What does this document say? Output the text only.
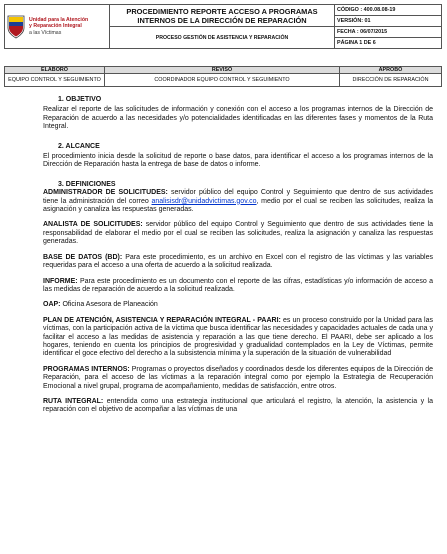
Unidad para la Atención
y Reparación Integral
a las Víctimas	PROCEDIMIENTO REPORTE ACCESO A PROGRAMAS INTERNOS DE LA DIRECCIÓN DE REPARACIÓN	CÓDIGO : 400.08.08-19
		VERSIÓN: 01
	PROCESO GESTIÓN DE ASISTENCIA Y REPARACIÓN	FECHA : 06/07/2015
		PÁGINA 1 DE 6
ELABORÓ	REVISÓ	APROBÓ
EQUIPO CONTROL Y SEGUIMIENTO	COORDINADOR EQUIPO CONTROL Y SEGUIMIENTO	DIRECCIÓN DE REPARACIÓN

1. OBJETIVO

Realizar el reporte de las solicitudes de información y conexión con el acceso a los programas internos de la Dirección de Reparación de acuerdo a las necesidades y/o potencialidades identificadas en las diferentes fases y momentos de la Ruta Integral.

2. ALCANCE

El procedimiento inicia desde la solicitud de reporte o base datos, para identificar el acceso a los programas internos de la Dirección de Reparación hasta la entrega de base de datos o informe.

3. DEFINICIONES

ADMINISTRADOR DE SOLICITUDES: servidor público del equipo Control y Seguimiento que dentro de sus actividades tiene la administración del correo analisisdr@unidadvictimas.gov.co, medio por el cual se reciben las solicitudes, realiza la asignación y canaliza las respuestas generadas.

ANALISTA DE SOLICITUDES: servidor público del equipo Control y Seguimiento que dentro de sus actividades tiene la responsabilidad de elaborar el medio por el cual se reciben las solicitudes, realiza la asignación y canaliza las respuestas generadas.

BASE DE DATOS (BD): Para este procedimiento, es un archivo en Excel con el registro de las víctimas y las variables requeridas para el acceso a una oferta de acuerdo a la solicitud realizada.

INFORME: Para este procedimiento es un documento con el reporte de las cifras, estadísticas y/o información de acceso a las medidas de reparación de acuerdo a la solicitud realizada.

OAP: Oficina Asesora de Planeación

PLAN DE ATENCIÓN, ASISTENCIA Y REPARACIÓN INTEGRAL - PAARI: es un proceso construido por la Unidad para las víctimas, con la participación activa de la víctima que busca identificar las necesidades y capacidades actuales de cada una y facilitar el acceso a las medidas de asistencia y reparación a las que tiene derecho. El PAARI, debe ser aplicado a los hogares, teniendo en cuenta los principios de progresividad y gradualidad contemplados en la Ley de Víctimas, permite identificar el goce efectivo del derecho a la subsistencia mínima y la superación de la situación de vulnerabilidad

PROGRAMAS INTERNOS: Programas o proyectos diseñados y coordinados desde los diferentes equipos de la Dirección de Reparación, para el acceso de las víctimas a la reparación integral como por ejemplo la Estrategia de Recuperación Emocional a nivel grupal, programa de acompañamiento, medidas de satisfacción, entre otros.

RUTA INTEGRAL: entendida como una estrategia institucional que articulará el registro, la atención, la asistencia y la reparación con el objetivo de acompañar a las víctimas de una
